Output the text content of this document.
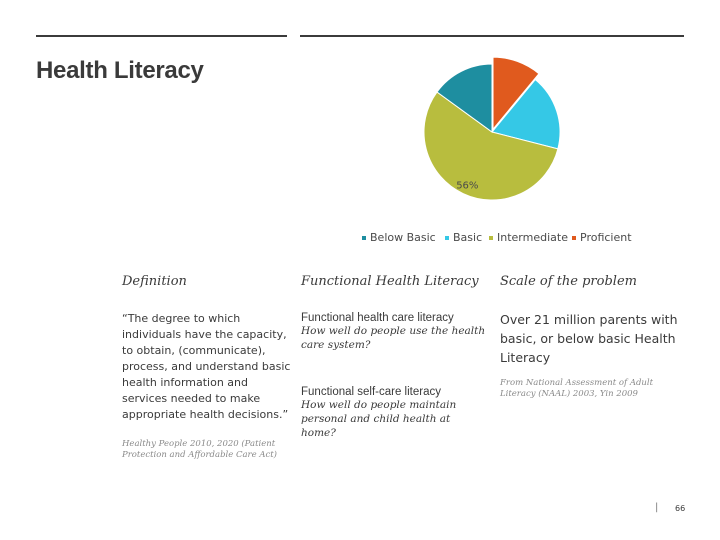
Health Literacy
11%
18%
56%
15%
Below Basic Basic Intermediate Proficient
Definition
“The degree to which
individuals have the capacity,
to obtain, (communicate),
process, and understand basic
health information and
services needed to make
appropriate health decisions.”
Healthy People 2010, 2020 (Patient
Protection and Affordable Care Act)
Functional Health Literacy
Functional health care literacy
How well do people use the health
care system?
Functional self-care literacy
How well do people maintain
personal and child health at
home?
Scale of the problem
Over 21 million parents with
basic, or below basic Health
Literacy
From National Assessment of Adult
Literacy (NAAL) 2003, Yin 2009
| 66
